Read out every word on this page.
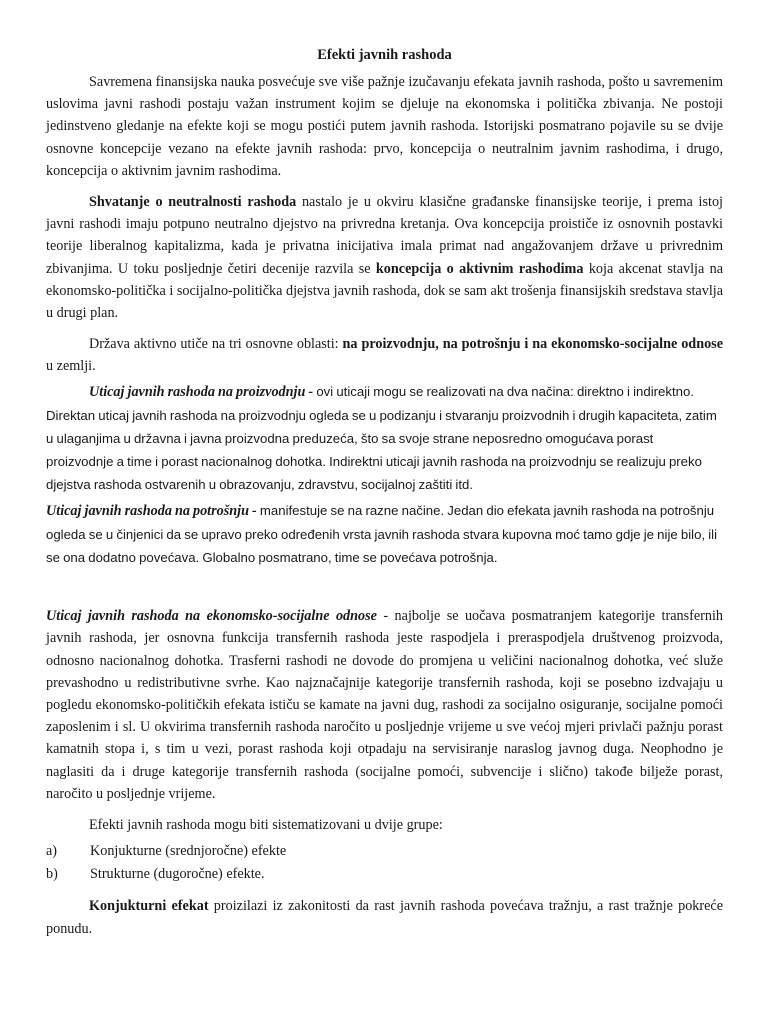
Efekti javnih rashoda

Savremena finansijska nauka posvećuje sve više pažnje izučavanju efekata javnih rashoda, pošto u savremenim uslovima javni rashodi postaju važan instrument kojim se djeluje na ekonomska i politička zbivanja. Ne postoji jedinstveno gledanje na efekte koji se mogu postići putem javnih rashoda. Istorijski posmatrano pojavile su se dvije osnovne koncepcije vezano na efekte javnih rashoda: prvo, koncepcija o neutralnim javnim rashodima, i drugo, koncepcija o aktivnim javnim rashodima.

Shvatanje o neutralnosti rashoda nastalo je u okviru klasične građanske finansijske teorije, i prema istoj javni rashodi imaju potpuno neutralno djejstvo na privredna kretanja. Ova koncepcija proističe iz osnovnih postavki teorije liberalnog kapitalizma, kada je privatna inicijativa imala primat nad angažovanjem države u privrednim zbivanjima. U toku posljednje četiri decenije razvila se koncepcija o aktivnim rashodima koja akcenat stavlja na ekonomsko-politička i socijalno-politička djejstva javnih rashoda, dok se sam akt trošenja finansijskih sredstava stavlja u drugi plan.

Država aktivno utiče na tri osnovne oblasti: na proizvodnju, na potrošnju i na ekonomsko-socijalne odnose u zemlji.

Uticaj javnih rashoda na proizvodnju - ovi uticaji mogu se realizovati na dva načina: direktno i indirektno. Direktan uticaj javnih rashoda na proizvodnju ogleda se u podizanju i stvaranju proizvodnih i drugih kapaciteta, zatim u ulaganjima u državna i javna proizvodna preduzeća, što sa svoje strane neposredno omogućava porast proizvodnje a time i porast nacionalnog dohotka. Indirektni uticaji javnih rashoda na proizvodnju se realizuju preko djejstva rashoda ostvarenih u obrazovanju, zdravstvu, socijalnoj zaštiti itd.

Uticaj javnih rashoda na potrošnju - manifestuje se na razne načine. Jedan dio efekata javnih rashoda na potrošnju ogleda se u činjenici da se upravo preko određenih vrsta javnih rashoda stvara kupovna moć tamo gdje je nije bilo, ili se ona dodatno povećava. Globalno posmatrano, time se povećava potrošnja.

Uticaj javnih rashoda na ekonomsko-socijalne odnose - najbolje se uočava posmatranjem kategorije transfernih javnih rashoda, jer osnovna funkcija transfernih rashoda jeste raspodjela i preraspodjela društvenog proizvoda, odnosno nacionalnog dohotka. Trasferni rashodi ne dovode do promjena u veličini nacionalnog dohotka, već služe prevashodno u redistributivne svrhe. Kao najznačajnije kategorije transfernih rashoda, koji se posebno izdvajaju u pogledu ekonomsko-političkih efekata ističu se kamate na javni dug, rashodi za socijalno osiguranje, socijalne pomoći zaposlenim i sl. U okvirima transfernih rashoda naročito u posljednje vrijeme u sve većoj mjeri privlači pažnju porast kamatnih stopa i, s tim u vezi, porast rashoda koji otpadaju na servisiranje naraslog javnog duga. Neophodno je naglasiti da i druge kategorije transfernih rashoda (socijalne pomoći, subvencije i slično) takođe bilježe porast, naročito u posljednje vrijeme.

Efekti javnih rashoda mogu biti sistematizovani u dvije grupe:

a)	Konjukturne (srednjoročne) efekte
b)	Strukturne (dugoročne) efekte.

Konjukturni efekat proizilazi iz zakonitosti da rast javnih rashoda povećava tražnju, a rast tražnje pokreće ponudu.
